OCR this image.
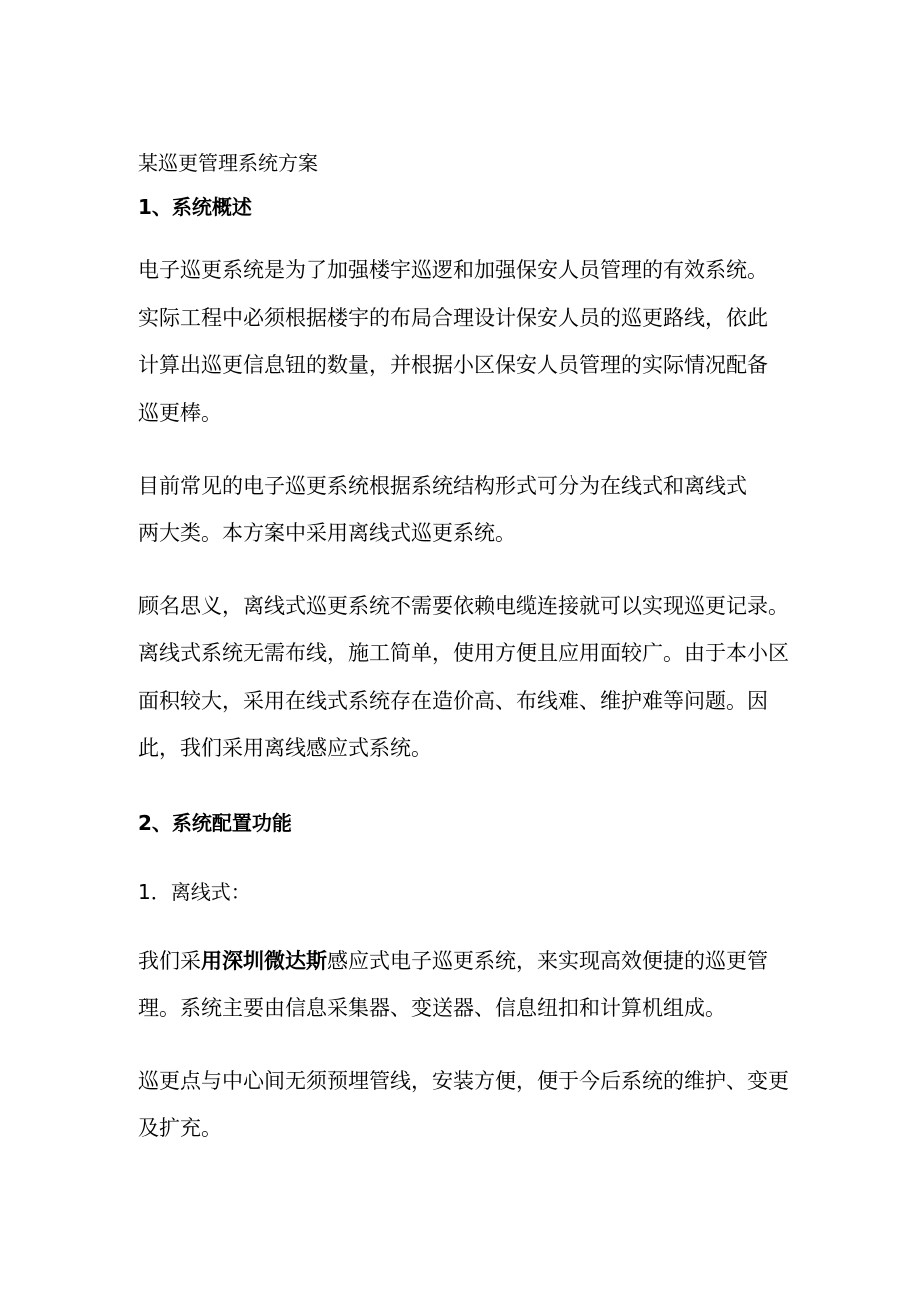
某巡更管理系统方案
1、系统概述
电子巡更系统是为了加强楼宇巡逻和加强保安人员管理的有效系统。
实际工程中必须根据楼宇的布局合理设计保安人员的巡更路线，依此
计算出巡更信息钮的数量，并根据小区保安人员管理的实际情况配备
巡更棒。
目前常见的电子巡更系统根据系统结构形式可分为在线式和离线式
两大类。本方案中采用离线式巡更系统。
顾名思义，离线式巡更系统不需要依赖电缆连接就可以实现巡更记录。
离线式系统无需布线，施工简单，使用方便且应用面较广。由于本小区
面积较大，采用在线式系统存在造价高、布线难、维护难等问题。因
此，我们采用离线感应式系统。
2、系统配置功能
1．离线式：
我们采用深圳微达斯感应式电子巡更系统，来实现高效便捷的巡更管
理。系统主要由信息采集器、变送器、信息纽扣和计算机组成。
巡更点与中心间无须预埋管线，安装方便，便于今后系统的维护、变更
及扩充。
